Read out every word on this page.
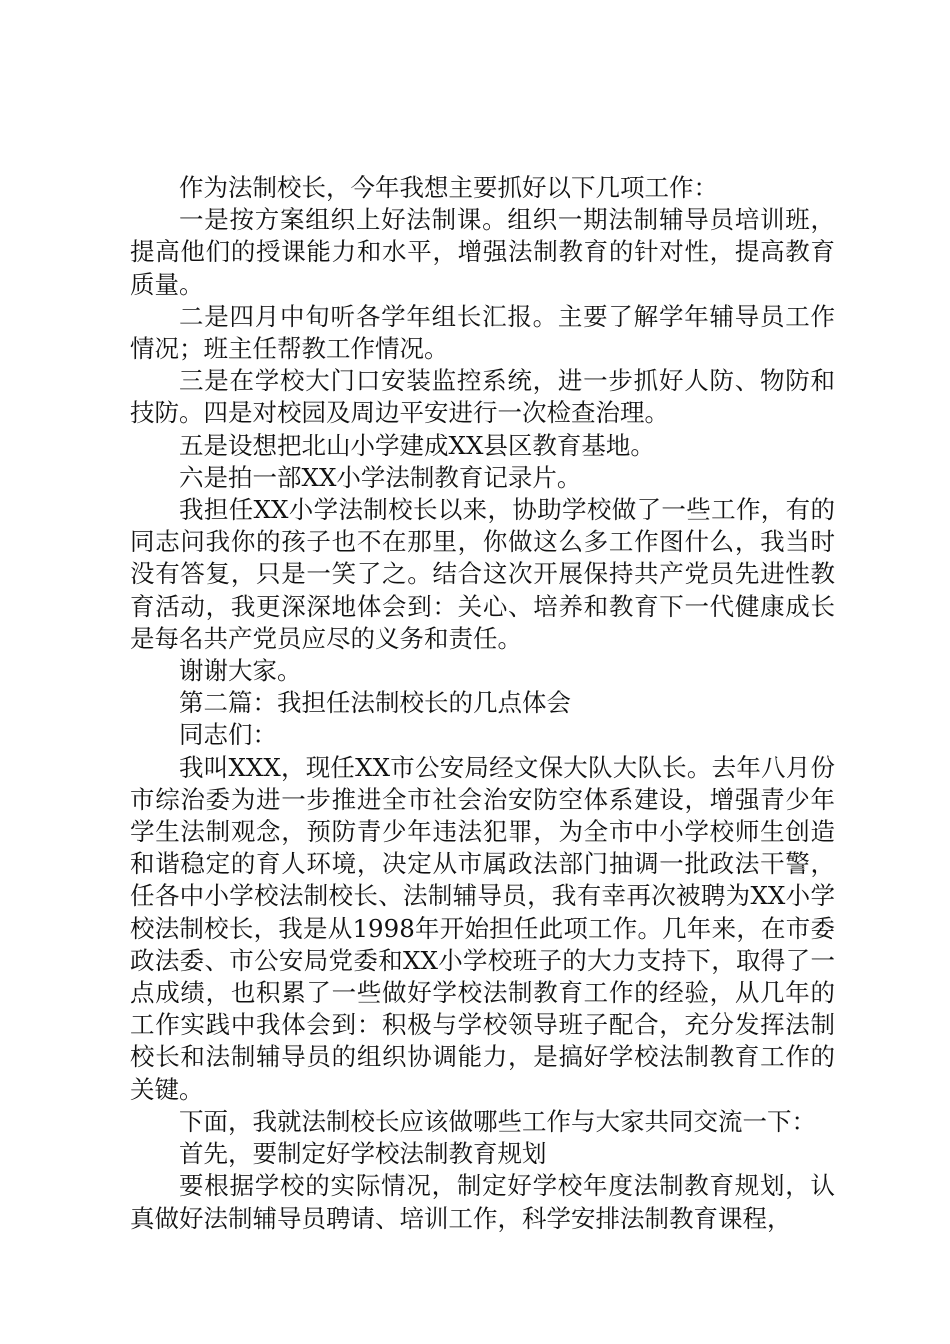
作为法制校长，今年我想主要抓好以下几项工作：

一是按方案组织上好法制课。组织一期法制辅导员培训班，提高他们的授课能力和水平，增强法制教育的针对性，提高教育质量。

二是四月中旬听各学年组长汇报。主要了解学年辅导员工作情况；班主任帮教工作情况。

三是在学校大门口安装监控系统，进一步抓好人防、物防和技防。四是对校园及周边平安进行一次检查治理。

五是设想把北山小学建成XX县区教育基地。

六是拍一部XX小学法制教育记录片。

我担任XX小学法制校长以来，协助学校做了一些工作，有的同志问我你的孩子也不在那里，你做这么多工作图什么，我当时没有答复，只是一笑了之。结合这次开展保持共产党员先进性教育活动，我更深深地体会到：关心、培养和教育下一代健康成长是每名共产党员应尽的义务和责任。

谢谢大家。

第二篇：我担任法制校长的几点体会

同志们：

我叫XXX，现任XX市公安局经文保大队大队长。去年八月份市综治委为进一步推进全市社会治安防空体系建设，增强青少年学生法制观念，预防青少年违法犯罪，为全市中小学校师生创造和谐稳定的育人环境，决定从市属政法部门抽调一批政法干警，任各中小学校法制校长、法制辅导员，我有幸再次被聘为XX小学校法制校长，我是从1998年开始担任此项工作。几年来，在市委政法委、市公安局党委和XX小学校班子的大力支持下，取得了一点成绩，也积累了一些做好学校法制教育工作的经验，从几年的工作实践中我体会到：积极与学校领导班子配合，充分发挥法制校长和法制辅导员的组织协调能力，是搞好学校法制教育工作的关键。

下面，我就法制校长应该做哪些工作与大家共同交流一下：

首先，要制定好学校法制教育规划

要根据学校的实际情况，制定好学校年度法制教育规划，认真做好法制辅导员聘请、培训工作，科学安排法制教育课程，
